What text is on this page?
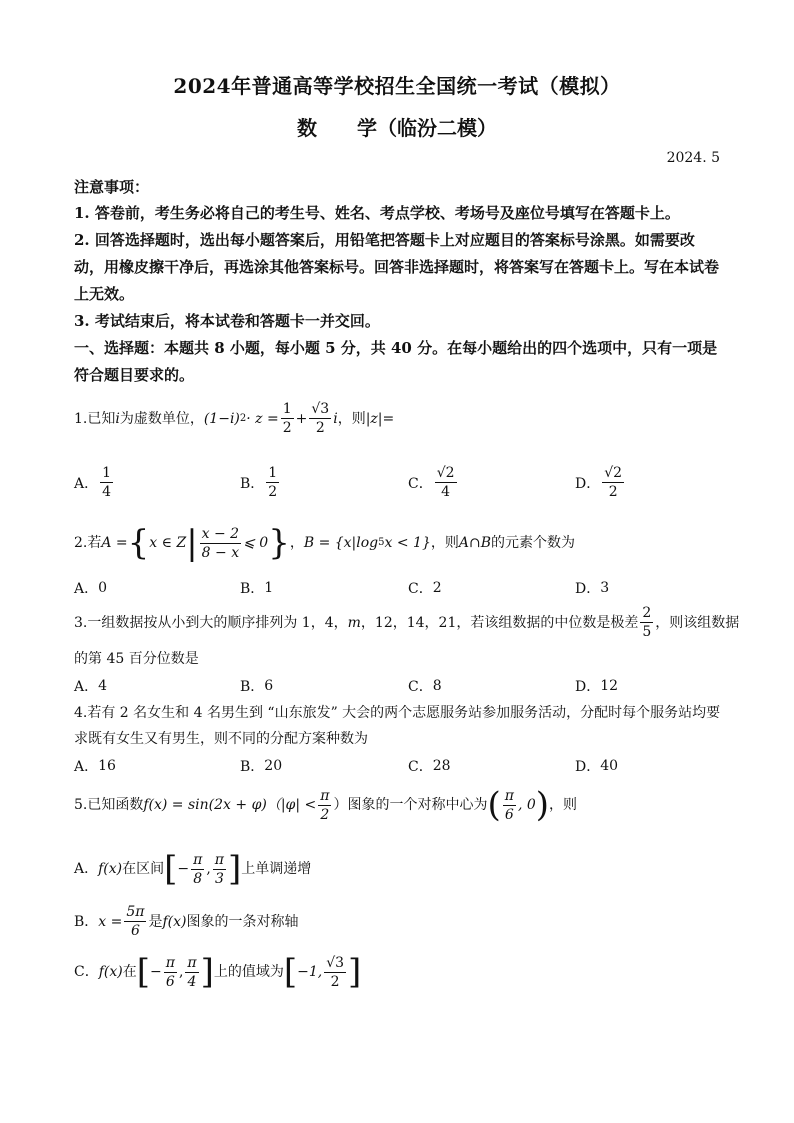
2024年普通高等学校招生全国统一考试（模拟）
数　　学（临汾二模）
2024. 5
注意事项：
1. 答卷前，考生务必将自己的考生号、姓名、考点学校、考场号及座位号填写在答题卡上。
2. 回答选择题时，选出每小题答案后，用铅笔把答题卡上对应题目的答案标号涂黑。如需要改动，用橡皮擦干净后，再选涂其他答案标号。回答非选择题时，将答案写在答题卡上。写在本试卷上无效。
3. 考试结束后，将本试卷和答题卡一并交回。
一、选择题：本题共 8 小题，每小题 5 分，共 40 分。在每小题给出的四个选项中，只有一项是符合题目要求的。
1.已知 i 为虚数单位， (1−i) $2 \cdot z = \frac{1}{2} + \frac{√3}{2}$ i ，则 |z| =
A． $\frac{1}{4}$	B． $\frac{1}{2}$	C． $\frac{√2}{4}$	D． $\frac{√2}{2}$
2.若 A = { x ∈ Z | $\frac{x - 2}{8 - x}$ ⩽ 0 } ， B = {x|log 5 x < 1} ，则 A∩B 的元素个数为
A． 0	B． 1	C． 2	D． 3
3.一组数据按从小到大的顺序排列为 1，4， m ，12，14，21，若该组数据的中位数是极差 $\frac{2}{5}$ ，则该组数据
的第 45 百分位数是
A． 4	B． 6	C． 8	D． 12
4.若有 2 名女生和 4 名男生到 “山东旅发” 大会的两个志愿服务站参加服务活动，分配时每个服务站均要
求既有女生又有男生，则不同的分配方案种数为
A． 16	B． 20	C． 28	D． 40
5.已知函数 f(x) = sin(2x + φ) （$|\varphi| < \frac{\pi}{2}$ ）图象的一个对称中心为 ( $\frac{\pi}{6}$ , 0 ) ，则
A． f(x) 在区间 [ − $\frac{\pi}{8}$ , $\frac{\pi}{3}$ ] 上单调递增
B． $x = \frac{5\pi}{6}$ 是 f(x) 图象的一条对称轴
C． f(x) 在 [ − $\frac{\pi}{6}$ , $\frac{\pi}{4}$ ] 上的值域为 [ −1, $\frac{√3}{2}$ ]
